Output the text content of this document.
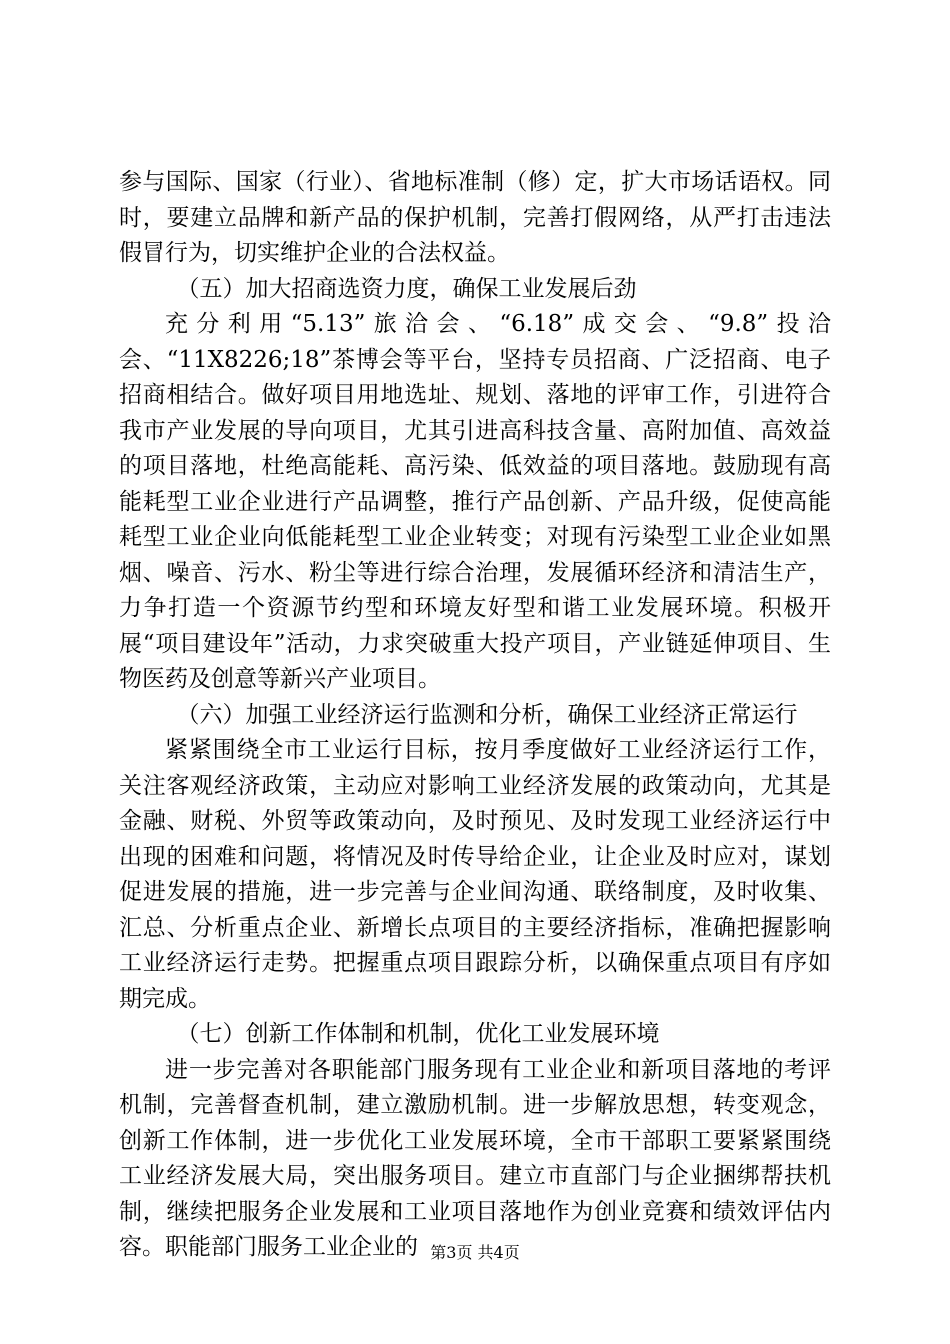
参与国际、国家（行业）、省地标准制（修）定，扩大市场话语权。同时，要建立品牌和新产品的保护机制，完善打假网络，从严打击违法假冒行为，切实维护企业的合法权益。

（五）加大招商选资力度，确保工业发展后劲

充分利用“5.13”旅洽会、“6.18”成交会、“9.8”投洽会、“11X8226;18”茶博会等平台，坚持专员招商、广泛招商、电子招商相结合。做好项目用地选址、规划、落地的评审工作，引进符合我市产业发展的导向项目，尤其引进高科技含量、高附加值、高效益的项目落地，杜绝高能耗、高污染、低效益的项目落地。鼓励现有高能耗型工业企业进行产品调整，推行产品创新、产品升级，促使高能耗型工业企业向低能耗型工业企业转变；对现有污染型工业企业如黑烟、噪音、污水、粉尘等进行综合治理，发展循环经济和清洁生产，力争打造一个资源节约型和环境友好型和谐工业发展环境。积极开展“项目建设年”活动，力求突破重大投产项目，产业链延伸项目、生物医药及创意等新兴产业项目。

（六）加强工业经济运行监测和分析，确保工业经济正常运行

紧紧围绕全市工业运行目标，按月季度做好工业经济运行工作，关注客观经济政策，主动应对影响工业经济发展的政策动向，尤其是金融、财税、外贸等政策动向，及时预见、及时发现工业经济运行中出现的困难和问题，将情况及时传导给企业，让企业及时应对，谋划促进发展的措施，进一步完善与企业间沟通、联络制度，及时收集、汇总、分析重点企业、新增长点项目的主要经济指标，准确把握影响工业经济运行走势。把握重点项目跟踪分析，以确保重点项目有序如期完成。

（七）创新工作体制和机制，优化工业发展环境

进一步完善对各职能部门服务现有工业企业和新项目落地的考评机制，完善督查机制，建立激励机制。进一步解放思想，转变观念，创新工作体制，进一步优化工业发展环境，全市干部职工要紧紧围绕工业经济发展大局，突出服务项目。建立市直部门与企业捆绑帮扶机制，继续把服务企业发展和工业项目落地作为创业竞赛和绩效评估内容。职能部门服务工业企业的 第3页 共4页
